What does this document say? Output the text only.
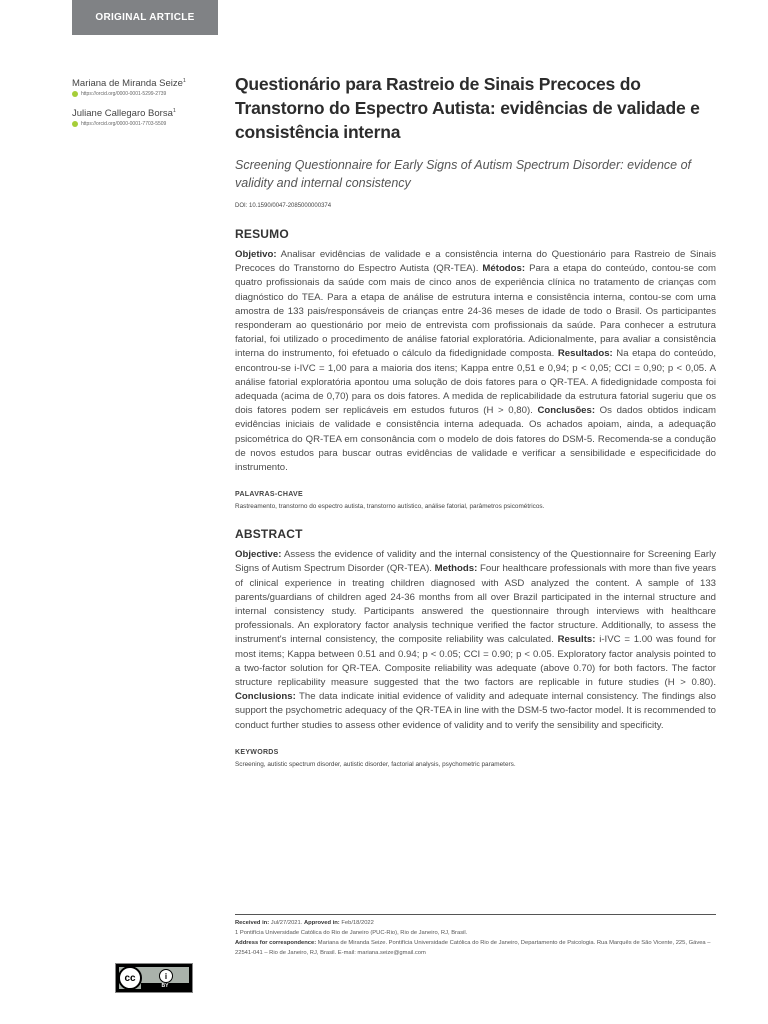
ORIGINAL ARTICLE
Mariana de Miranda Seize$^1$
https://orcid.org/0000-0001-5299-2739
Juliane Callegaro Borsa$^1$
https://orcid.org/0000-0001-7703-5509
Questionário para Rastreio de Sinais Precoces do Transtorno do Espectro Autista: evidências de validade e consistência interna
Screening Questionnaire for Early Signs of Autism Spectrum Disorder: evidence of validity and internal consistency
DOI: 10.1590/0047-2085000000374
RESUMO
Objetivo: Analisar evidências de validade e a consistência interna do Questionário para Rastreio de Sinais Precoces do Transtorno do Espectro Autista (QR-TEA). Métodos: Para a etapa do conteúdo, contou-se com quatro profissionais da saúde com mais de cinco anos de experiência clínica no tratamento de crianças com diagnóstico do TEA. Para a etapa de análise de estrutura interna e consistência interna, contou-se com uma amostra de 133 pais/responsáveis de crianças entre 24-36 meses de idade de todo o Brasil. Os participantes responderam ao questionário por meio de entrevista com profissionais da saúde. Para conhecer a estrutura fatorial, foi utilizado o procedimento de análise fatorial exploratória. Adicionalmente, para avaliar a consistência interna do instrumento, foi efetuado o cálculo da fidedignidade composta. Resultados: Na etapa do conteúdo, encontrou-se i-IVC = 1,00 para a maioria dos itens; Kappa entre 0,51 e 0,94; p < 0,05; CCI = 0,90; p < 0,05. A análise fatorial exploratória apontou uma solução de dois fatores para o QR-TEA. A fidedignidade composta foi adequada (acima de 0,70) para os dois fatores. A medida de replicabilidade da estrutura fatorial sugeriu que os dois fatores podem ser replicáveis em estudos futuros (H > 0,80). Conclusões: Os dados obtidos indicam evidências iniciais de validade e consistência interna adequada. Os achados apoiam, ainda, a adequação psicométrica do QR-TEA em consonância com o modelo de dois fatores do DSM-5. Recomenda-se a condução de novos estudos para buscar outras evidências de validade e verificar a sensibilidade e especificidade do instrumento.
PALAVRAS-CHAVE
Rastreamento, transtorno do espectro autista, transtorno autístico, análise fatorial, parâmetros psicométricos.
ABSTRACT
Objective: Assess the evidence of validity and the internal consistency of the Questionnaire for Screening Early Signs of Autism Spectrum Disorder (QR-TEA). Methods: Four healthcare professionals with more than five years of clinical experience in treating children diagnosed with ASD analyzed the content. A sample of 133 parents/guardians of children aged 24-36 months from all over Brazil participated in the internal structure and internal consistency study. Participants answered the questionnaire through interviews with healthcare professionals. An exploratory factor analysis technique verified the factor structure. Additionally, to assess the instrument's internal consistency, the composite reliability was calculated. Results: i-IVC = 1.00 was found for most items; Kappa between 0.51 and 0.94; p < 0.05; CCI = 0.90; p < 0.05. Exploratory factor analysis pointed to a two-factor solution for QR-TEA. Composite reliability was adequate (above 0.70) for both factors. The factor structure replicability measure suggested that the two factors are replicable in future studies (H > 0.80). Conclusions: The data indicate initial evidence of validity and adequate internal consistency. The findings also support the psychometric adequacy of the QR-TEA in line with the DSM-5 two-factor model. It is recommended to conduct further studies to assess other evidence of validity and to verify the sensibility and specificity.
KEYWORDS
Screening, autistic spectrum disorder, autistic disorder, factorial analysis, psychometric parameters.
Received in: Jul/27/2021. Approved in: Feb/18/2022
1 Pontifícia Universidade Católica do Rio de Janeiro (PUC-Rio), Rio de Janeiro, RJ, Brasil.
Address for correspondence: Mariana de Miranda Seize. Pontifícia Universidade Católica do Rio de Janeiro, Departamento de Psicologia. Rua Marquês de São Vicente, 225, Gávea – 22541-041 – Rio de Janeiro, RJ, Brasil. E-mail: mariana.seize@gmail.com
cc	i
BY
